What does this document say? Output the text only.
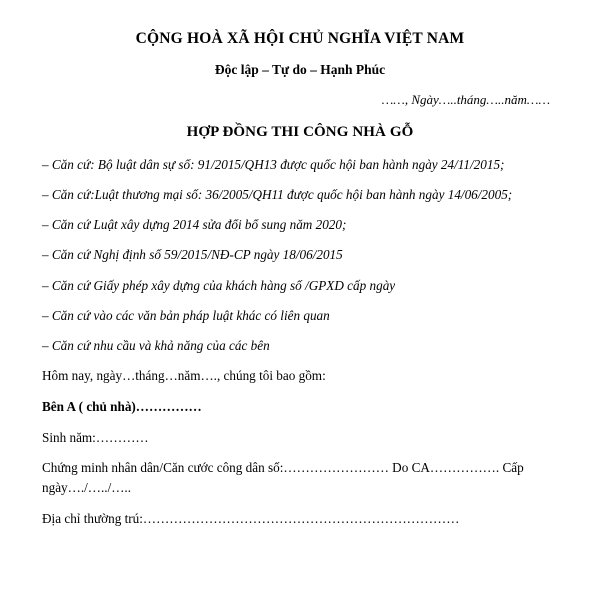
CỘNG HOÀ XÃ HỘI CHỦ NGHĨA VIỆT NAM
Độc lập – Tự do – Hạnh Phúc
……, Ngày…..tháng…..năm……
HỢP ĐỒNG THI CÔNG NHÀ GỖ
– Căn cứ: Bộ luật dân sự số: 91/2015/QH13 được quốc hội ban hành ngày 24/11/2015;
– Căn cứ:Luật thương mại số: 36/2005/QH11 được quốc hội ban hành ngày 14/06/2005;
– Căn cứ Luật xây dựng 2014 sửa đổi bổ sung năm 2020;
– Căn cứ Nghị định số 59/2015/NĐ-CP ngày 18/06/2015
– Căn cứ Giấy phép xây dựng của khách hàng số /GPXD cấp ngày
– Căn cứ vào các văn bản pháp luật khác có liên quan
– Căn cứ nhu cầu và khả năng của các bên
Hôm nay, ngày…tháng…năm…., chúng tôi bao gồm:
Bên A ( chủ nhà)……………
Sinh năm:…………
Chứng minh nhân dân/Căn cước công dân số:…………………… Do CA……………. Cấp ngày…./…../…..
Địa chỉ thường trú:………………………………………………………………
